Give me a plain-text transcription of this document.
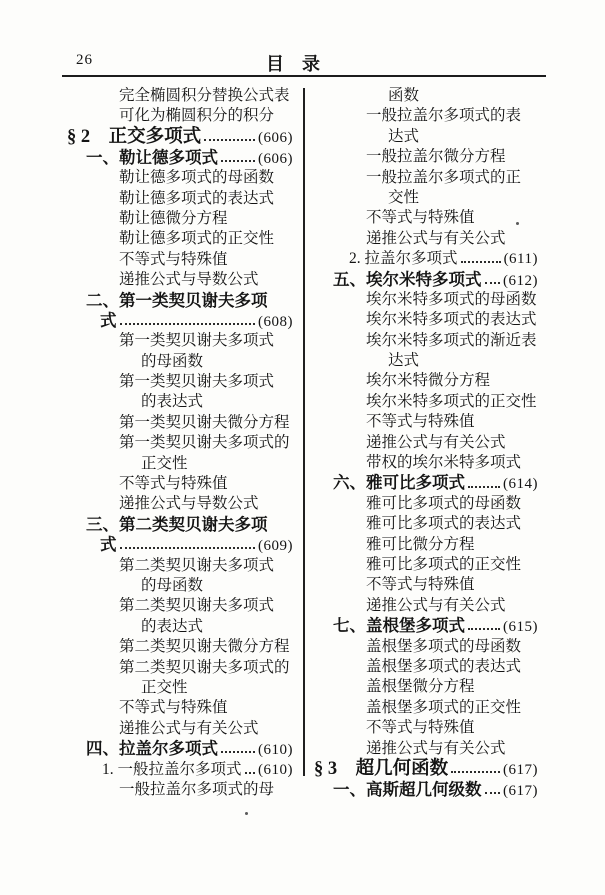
26	目　录
完全椭圆积分替换公式表
可化为椭圆积分的积分
§ 2　正交多项式	(606)
一、勒让德多项式	(606)
勒让德多项式的母函数
勒让德多项式的表达式
勒让德微分方程
勒让德多项式的正交性
不等式与特殊值
递推公式与导数公式
二、第一类契贝谢夫多项
式	(608)
第一类契贝谢夫多项式
的母函数
第一类契贝谢夫多项式
的表达式
第一类契贝谢夫微分方程
第一类契贝谢夫多项式的
正交性
不等式与特殊值
递推公式与导数公式
三、第二类契贝谢夫多项
式	(609)
第二类契贝谢夫多项式
的母函数
第二类契贝谢夫多项式
的表达式
第二类契贝谢夫微分方程
第二类契贝谢夫多项式的
正交性
不等式与特殊值
递推公式与有关公式
四、拉盖尔多项式	(610)
1. 一般拉盖尔多项式 (610)
一般拉盖尔多项式的母
函数
一般拉盖尔多项式的表
达式
一般拉盖尔微分方程
一般拉盖尔多项式的正
交性
不等式与特殊值
递推公式与有关公式
2. 拉盖尔多项式	(611)
五、埃尔米特多项式 (612)
埃尔米特多项式的母函数
埃尔米特多项式的表达式
埃尔米特多项式的渐近表
达式
埃尔米特微分方程
埃尔米特多项式的正交性
不等式与特殊值
递推公式与有关公式
带权的埃尔米特多项式
六、雅可比多项式	(614)
雅可比多项式的母函数
雅可比多项式的表达式
雅可比微分方程
雅可比多项式的正交性
不等式与特殊值
递推公式与有关公式
七、盖根堡多项式	(615)
盖根堡多项式的母函数
盖根堡多项式的表达式
盖根堡微分方程
盖根堡多项式的正交性
不等式与特殊值
递推公式与有关公式
§ 3　超几何函数	(617)
一、高斯超几何级数 (617)
